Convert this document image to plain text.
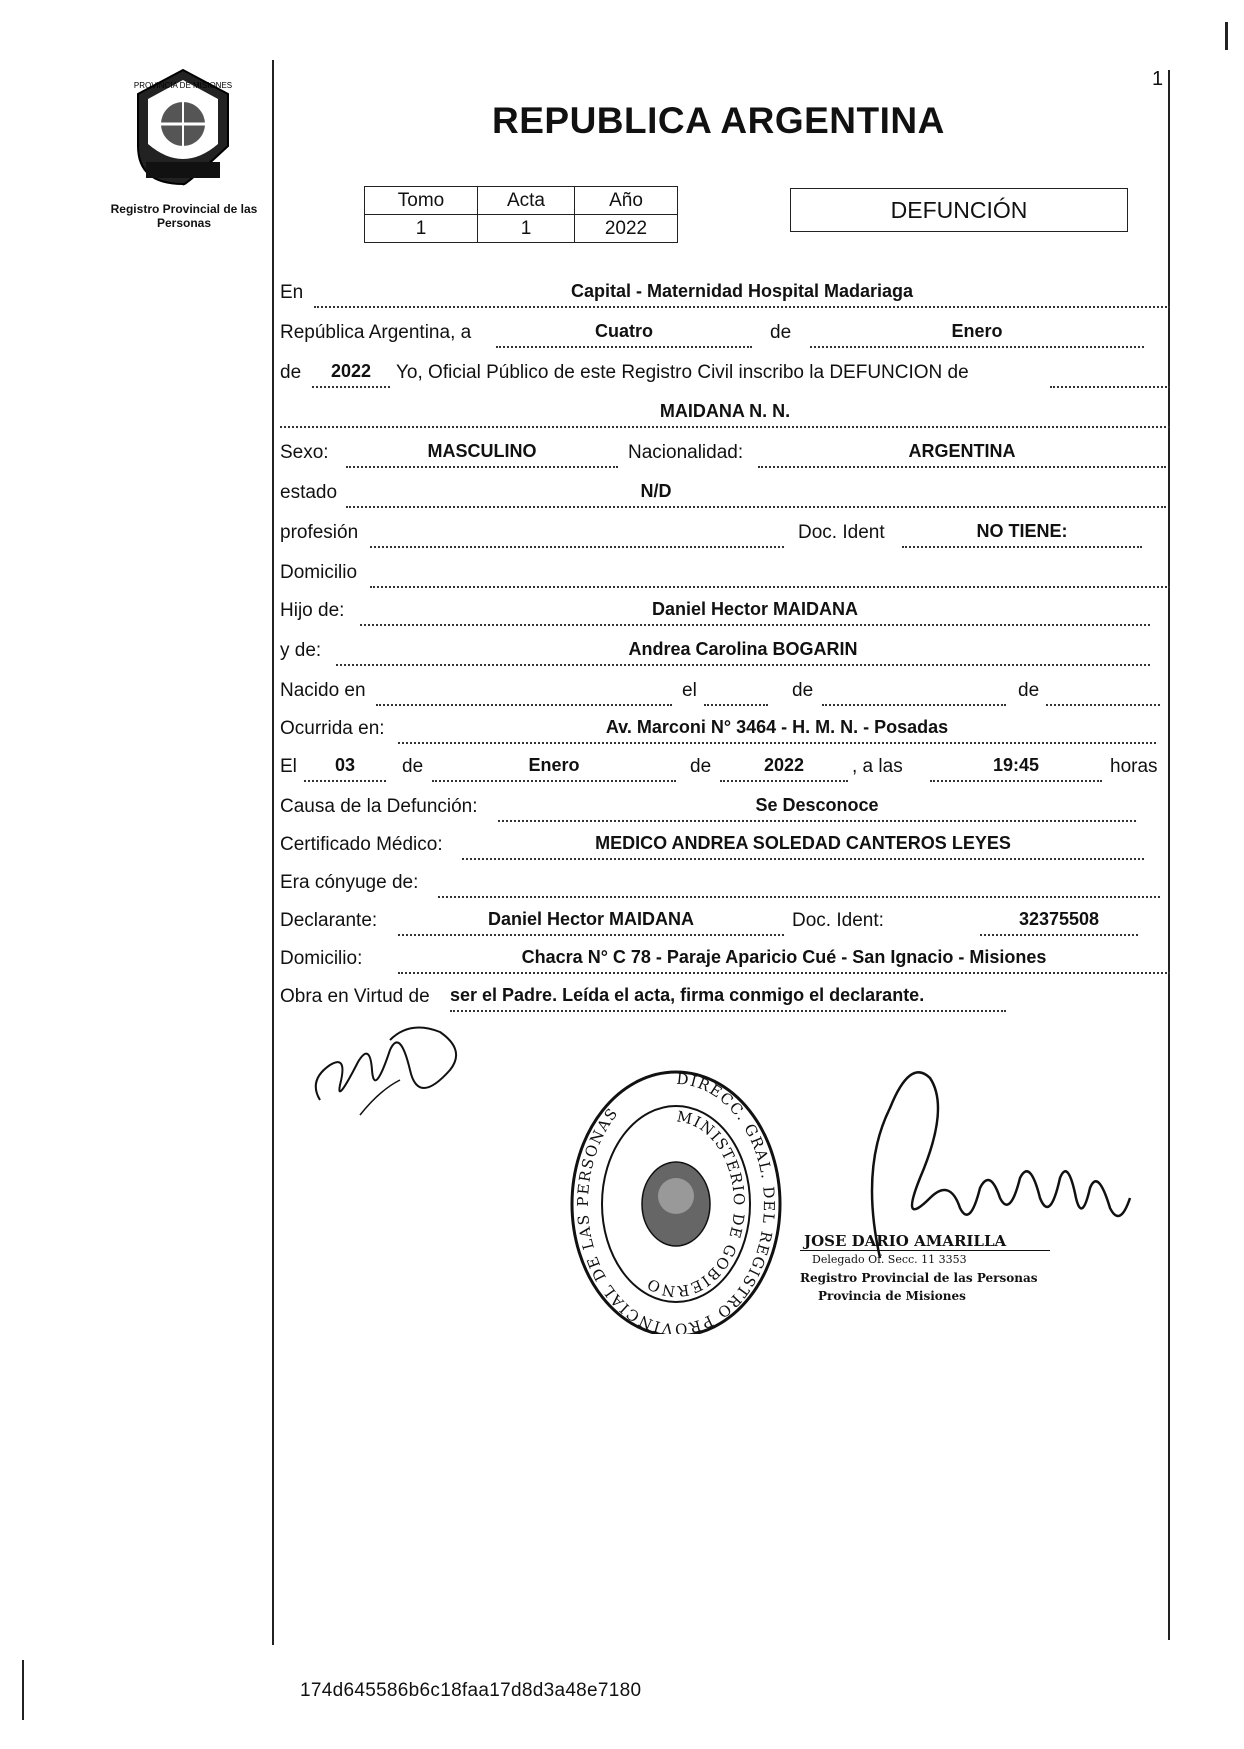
PROVINCIA DE MISIONES
Registro Provincial de las Personas
1
REPUBLICA ARGENTINA
Tomo	Acta	Año
1	1	2022
DEFUNCIÓN
En	Capital - Maternidad Hospital Madariaga
República Argentina, a	Cuatro	de	Enero
de	2022	Yo, Oficial Público de este Registro Civil inscribo la DEFUNCION de
MAIDANA N. N.
Sexo:	MASCULINO	Nacionalidad:	ARGENTINA
estado	N/D
profesión	Doc. Ident	NO TIENE:
Domicilio
Hijo de:	Daniel Hector MAIDANA
y de:	Andrea Carolina BOGARIN
Nacido en	el	de	de
Ocurrida en:	Av. Marconi N° 3464 - H. M. N. - Posadas
El	03	de	Enero	de	2022	, a las	19:45	horas
Causa de la Defunción:	Se Desconoce
Certificado Médico:	MEDICO ANDREA SOLEDAD CANTEROS LEYES
Era cónyuge de:
Declarante:	Daniel Hector MAIDANA	Doc. Ident:	32375508
Domicilio:	Chacra N° C 78 - Paraje Aparicio Cué - San Ignacio - Misiones
Obra en Virtud de ser el Padre. Leída el acta, firma conmigo el declarante.
DIRECC. GRAL. DEL REGISTRO PROVINCIAL DE LAS PERSONAS	MINISTERIO DE GOBIERNO
JOSE DARIO AMARILLA
Delegado Of. Secc. 11 3353
Registro Provincial de las Personas
Provincia de Misiones
174d645586b6c18faa17d8d3a48e7180
